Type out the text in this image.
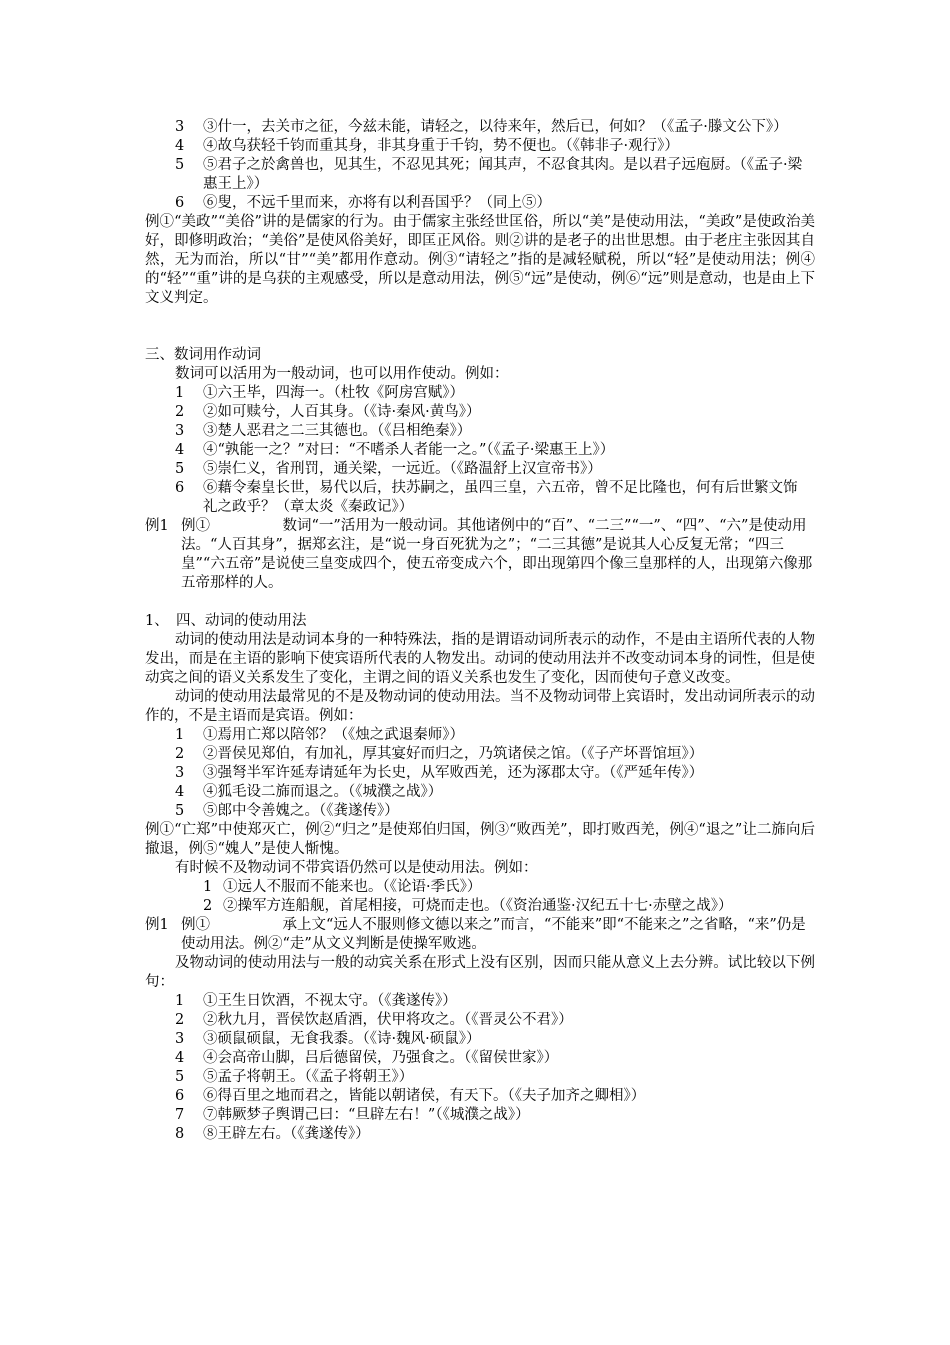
3 ③什一，去关市之征，今兹未能，请轻之，以待来年，然后已，何如？（《孟子·滕文公下》）
4 ④故乌获轻千钧而重其身，非其身重于千钧，势不便也。（《韩非子·观行》）
5 ⑤君子之於禽兽也，见其生，不忍见其死；闻其声，不忍食其肉。是以君子远庖厨。（《孟子·梁惠王上》）
6 ⑥叟，不远千里而来，亦将有以利吾国乎？（同上⑤）
例①“美政”“美俗”讲的是儒家的行为。由于儒家主张经世匡俗，所以“美”是使动用法，“美政”是使政治美好，即修明政治；“美俗”是使风俗美好，即匡正风俗。则②讲的是老子的出世思想。由于老庄主张因其自然，无为而治，所以“甘”“美”都用作意动。例③“请轻之”指的是减轻赋税，所以“轻”是使动用法；例④的“轻”“重”讲的是乌获的主观感受，所以是意动用法，例⑤“远”是使动，例⑥“远”则是意动，也是由上下文义判定。
三、数词用作动词
数词可以活用为一般动词，也可以用作使动。例如：
1 ①六王毕，四海一。（杜牧《阿房宫赋》）
2 ②如可赎兮，人百其身。（《诗·秦风·黄鸟》）
3 ③楚人恶君之二三其德也。（《吕相绝秦》）
4 ④“孰能一之？”对曰：“不嗜杀人者能一之。”（《孟子·梁惠王上》）
5 ⑤崇仁义，省刑罚，通关梁，一远近。（《路温舒上汉宣帝书》）
6 ⑥藉令秦皇长世，易代以后，扶苏嗣之，虽四三皇，六五帝，曾不足比隆也，何有后世繁文饰礼之政乎？（章太炎《秦政记》）
例1 例①　　　　　数词“一”活用为一般动词。其他诸例中的“百”、“二三”“一”、“四”、“六”是使动用法。“人百其身”，据郑玄注，是“说一身百死犹为之”；“二三其德”是说其人心反复无常；“四三皇”“六五帝”是说使三皇变成四个，使五帝变成六个，即出现第四个像三皇那样的人，出现第六像那五帝那样的人。
1、　四、动词的使动用法
动词的使动用法是动词本身的一种特殊法，指的是谓语动词所表示的动作，不是由主语所代表的人物发出，而是在主语的影响下使宾语所代表的人物发出。动词的使动用法并不改变动词本身的词性，但是使动宾之间的语义关系发生了变化，主谓之间的语义关系也发生了变化，因而使句子意义改变。
动词的使动用法最常见的不是及物动词的使动用法。当不及物动词带上宾语时，发出动词所表示的动作的，不是主语而是宾语。例如：
1 ①焉用亡郑以陪邻？（《烛之武退秦师》）
2 ②晋侯见郑伯，有加礼，厚其宴好而归之，乃筑诸侯之馆。（《子产坏晋馆垣》）
3 ③强弩半军许延寿请延年为长史，从军败西羌，还为涿郡太守。（《严延年传》）
4 ④狐毛设二旆而退之。（《城濮之战》）
5 ⑤郎中令善媿之。（《龚遂传》）
例①“亡郑”中使郑灭亡，例②“归之”是使郑伯归国，例③“败西羌”，即打败西羌，例④“退之”让二旆向后撤退，例⑤“媿人”是使人惭愧。
有时候不及物动词不带宾语仍然可以是使动用法。例如：
1 ①远人不服而不能来也。（《论语·季氏》）
2 ②操军方连船舰，首尾相接，可烧而走也。（《资治通鉴·汉纪五十七·赤壁之战》）
例1 例①　　　　　承上文“远人不服则修文德以来之”而言，“不能来”即“不能来之”之省略，“来”仍是使动用法。例②“走”从文义判断是使操军败逃。
及物动词的使动用法与一般的动宾关系在形式上没有区别，因而只能从意义上去分辨。试比较以下例句：
1 ①王生日饮酒，不视太守。（《龚遂传》）
2 ②秋九月，晋侯饮赵盾酒，伏甲将攻之。（《晋灵公不君》）
3 ③硕鼠硕鼠，无食我黍。（《诗·魏风·硕鼠》）
4 ④会高帝山脚，吕后德留侯，乃强食之。（《留侯世家》）
5 ⑤孟子将朝王。（《孟子将朝王》）
6 ⑥得百里之地而君之，皆能以朝诸侯，有天下。（《夫子加齐之卿相》）
7 ⑦韩厥梦子舆谓己曰：“旦辟左右！”（《城濮之战》）
8 ⑧王辟左右。（《龚遂传》）
